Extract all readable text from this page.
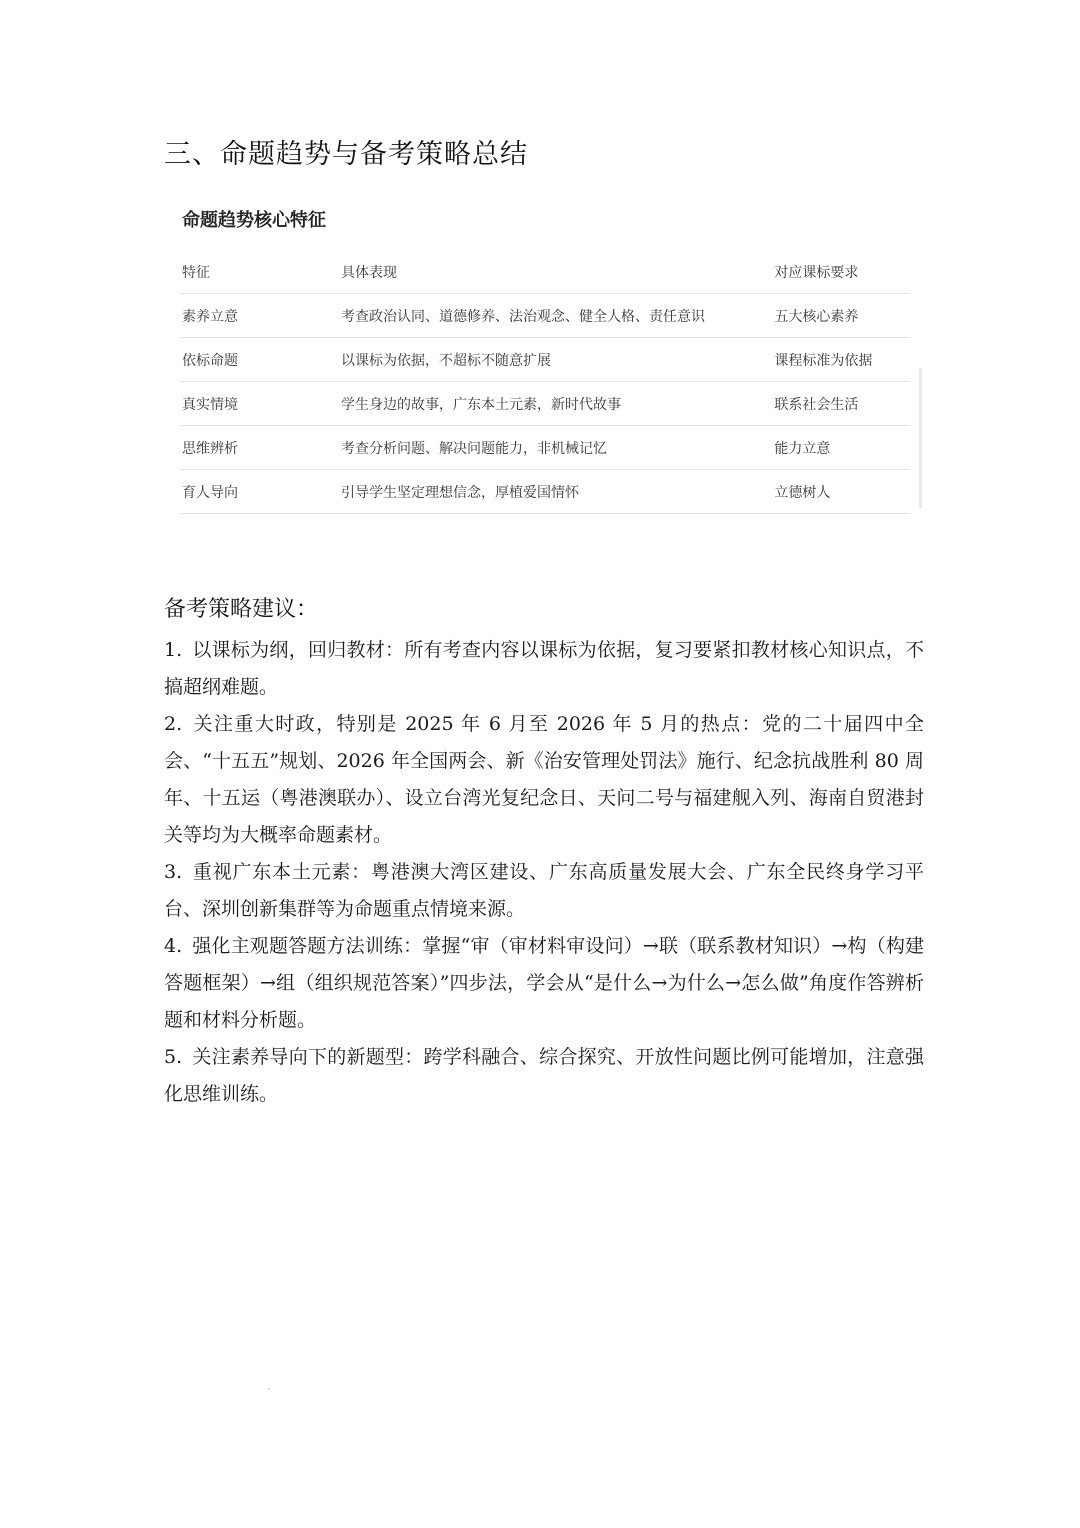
三、命题趋势与备考策略总结
命题趋势核心特征
特征	具体表现	对应课标要求
素养立意	考查政治认同、道德修养、法治观念、健全人格、责任意识	五大核心素养
依标命题	以课标为依据，不超标不随意扩展	课程标准为依据
真实情境	学生身边的故事，广东本土元素，新时代故事	联系社会生活
思维辨析	考查分析问题、解决问题能力，非机械记忆	能力立意
育人导向	引导学生坚定理想信念，厚植爱国情怀	立德树人
备考策略建议：
1. 以课标为纲，回归教材：所有考查内容以课标为依据，复习要紧扣教材核心知识点，不搞超纲难题。
2. 关注重大时政，特别是 2025 年 6 月至 2026 年 5 月的热点：党的二十届四中全会、“十五五”规划、2026 年全国两会、新《治安管理处罚法》施行、纪念抗战胜利 80 周年、十五运（粤港澳联办）、设立台湾光复纪念日、天问二号与福建舰入列、海南自贸港封关等均为大概率命题素材。
3. 重视广东本土元素：粤港澳大湾区建设、广东高质量发展大会、广东全民终身学习平台、深圳创新集群等为命题重点情境来源。
4. 强化主观题答题方法训练：掌握“审（审材料审设问）→联（联系教材知识）→构（构建答题框架）→组（组织规范答案）”四步法，学会从“是什么→为什么→怎么做”角度作答辨析题和材料分析题。
5. 关注素养导向下的新题型：跨学科融合、综合探究、开放性问题比例可能增加，注意强化思维训练。
